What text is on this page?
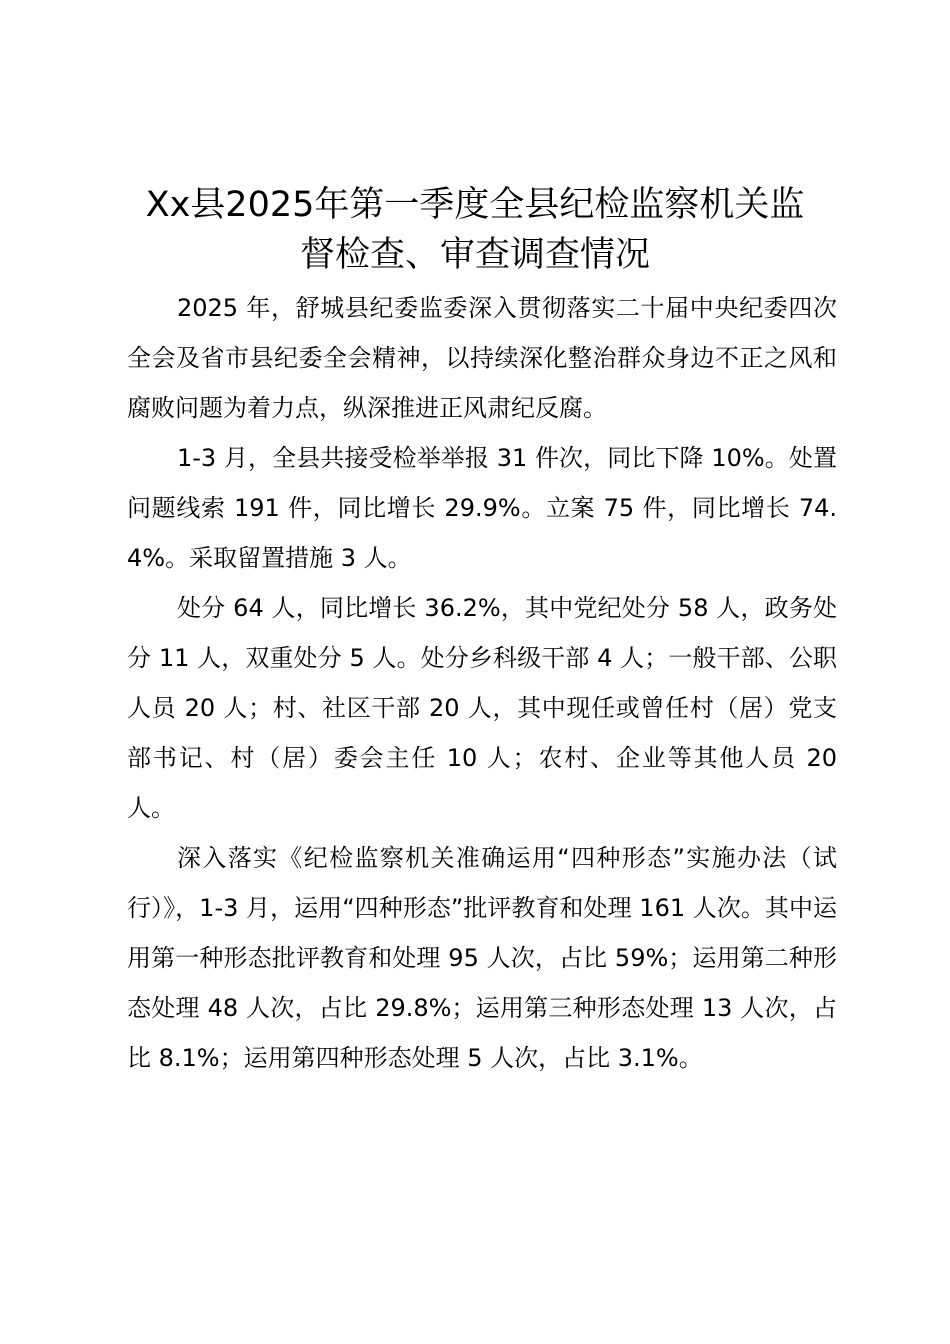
Xx县2025年第一季度全县纪检监察机关监
督检查、审查调查情况

2025 年，舒城县纪委监委深入贯彻落实二十届中央纪委四次全会及省市县纪委全会精神，以持续深化整治群众身边不正之风和腐败问题为着力点，纵深推进正风肃纪反腐。

1-3 月，全县共接受检举举报 31 件次，同比下降 10%。处置问题线索 191 件，同比增长 29.9%。立案 75 件，同比增长 74.4%。采取留置措施 3 人。

处分 64 人，同比增长 36.2%，其中党纪处分 58 人，政务处分 11 人，双重处分 5 人。处分乡科级干部 4 人；一般干部、公职人员 20 人；村、社区干部 20 人，其中现任或曾任村（居）党支部书记、村（居）委会主任 10 人；农村、企业等其他人员 20 人。

深入落实《纪检监察机关准确运用“四种形态”实施办法（试行）》，1-3 月，运用“四种形态”批评教育和处理 161 人次。其中运用第一种形态批评教育和处理 95 人次，占比 59%；运用第二种形态处理 48 人次，占比 29.8%；运用第三种形态处理 13 人次，占比 8.1%；运用第四种形态处理 5 人次，占比 3.1%。
